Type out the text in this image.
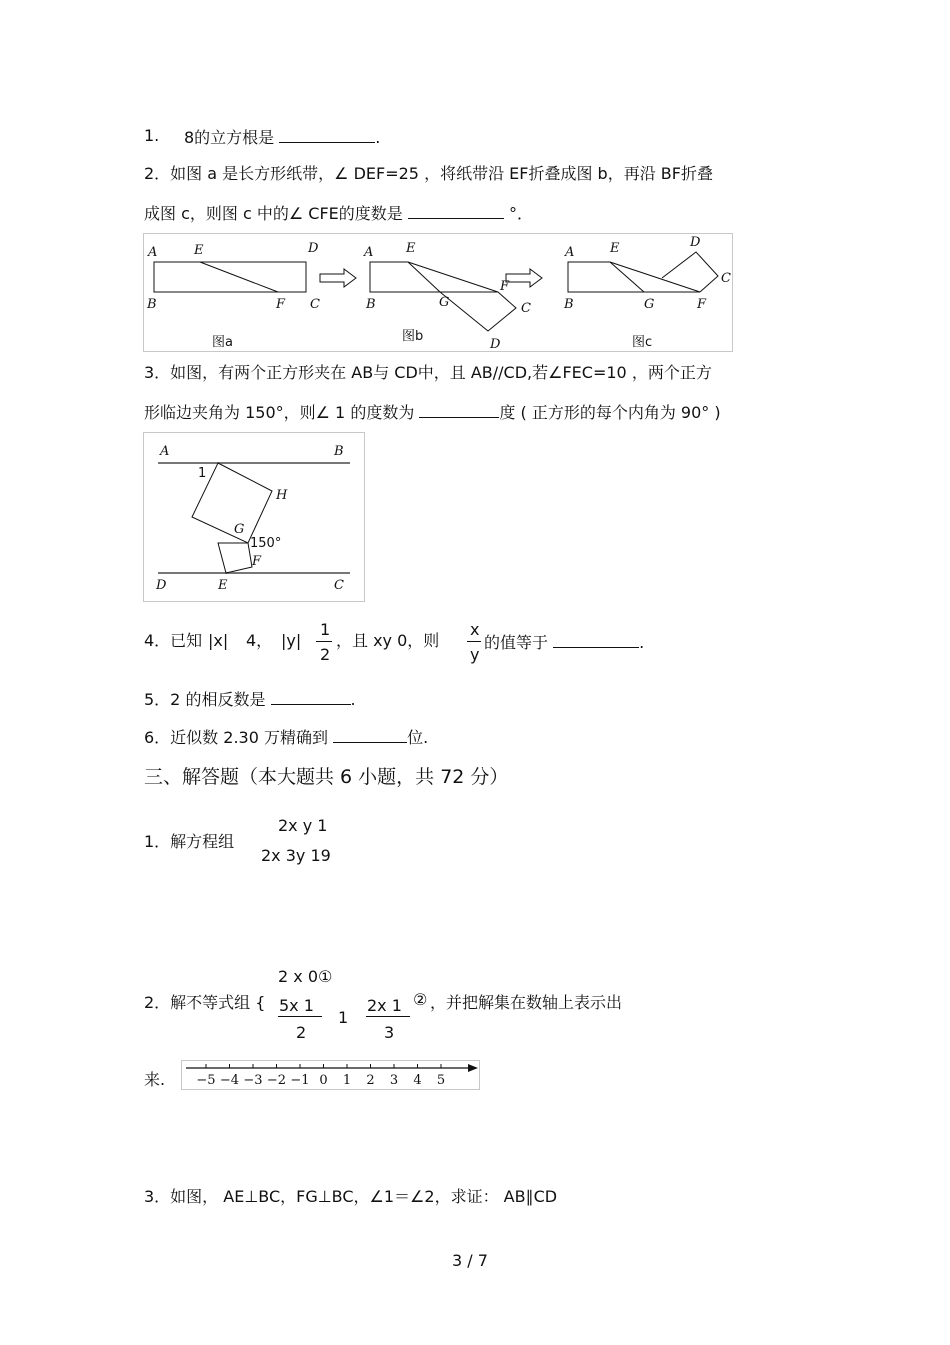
1. 8的立方根是	.
2．如图 a 是长方形纸带，∠ DEF=25 ，将纸带沿 EF折叠成图 b，再沿 BF折叠
成图 c，则图 c 中的∠ CFE的度数是	°．
A	E	D
B	F C
图a
A	E
B	G
F
C
D
图b
A	E	D
C
B	G	F
图c
3．如图，有两个正方形夹在 AB与 CD中，且 AB//CD,若∠FEC=10 ，两个正方
形临边夹角为 150°，则∠ 1 的度数为	度 ( 正方形的每个内角为 90° )
A	B
1
H
G
150°
F
D	E	C
4．已知 |x| 4， |y|
1
2
，且 xy 0，则
x
y
的值等于	.
5．2 的相反数是	.
6．近似数 2.30 万精确到	位.
三、解答题（本大题共 6 小题，共 72 分）
1．解方程组
2x y 1
2x 3y 19
2 x 0①
2．解不等式组 { 5x 1
2
1
2x 1
3
② ，并把解集在数轴上表示出
来. −5 −4 −3 −2 −1 0 1 2 3 4 5
3．如图， AE⊥BC，FG⊥BC，∠1＝∠2，求证： AB∥CD
3 / 7
